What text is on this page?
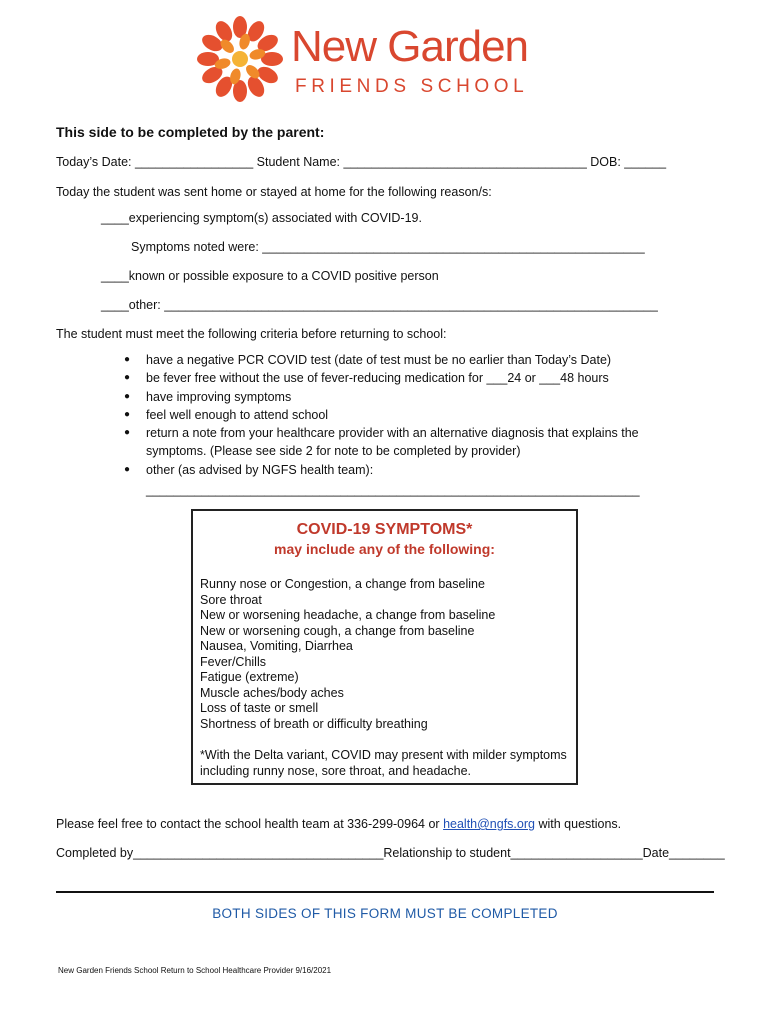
New Garden
FRIENDS SCHOOL
This side to be completed by the parent:
Today’s Date: _________________ Student Name: ___________________________________ DOB: ______
Today the student was sent home or stayed at home for the following reason/s:
____experiencing symptom(s) associated with COVID-19.
Symptoms noted were: _______________________________________________________
____known or possible exposure to a COVID positive person
____other: _______________________________________________________________________
The student must meet the following criteria before returning to school:
● have a negative PCR COVID test (date of test must be no earlier than Today’s Date)
● be fever free without the use of fever-reducing medication for ___24 or ___48 hours
● have improving symptoms
● feel well enough to attend school
● return a note from your healthcare provider with an alternative diagnosis that explains the symptoms. (Please see side 2 for note to be completed by provider)
● other (as advised by NGFS health team):
_______________________________________________________________________
COVID-19 SYMPTOMS*
may include any of the following:
Runny nose or Congestion, a change from baseline
Sore throat
New or worsening headache, a change from baseline
New or worsening cough, a change from baseline
Nausea, Vomiting, Diarrhea
Fever/Chills
Fatigue (extreme)
Muscle aches/body aches
Loss of taste or smell
Shortness of breath or difficulty breathing
*With the Delta variant, COVID may present with milder symptoms including runny nose, sore throat, and headache.
Please feel free to contact the school health team at 336-299-0964 or health@ngfs.org with questions.
Completed by____________________________________Relationship to student___________________Date________
BOTH SIDES OF THIS FORM MUST BE COMPLETED
New Garden Friends School Return to School Healthcare Provider 9/16/2021
